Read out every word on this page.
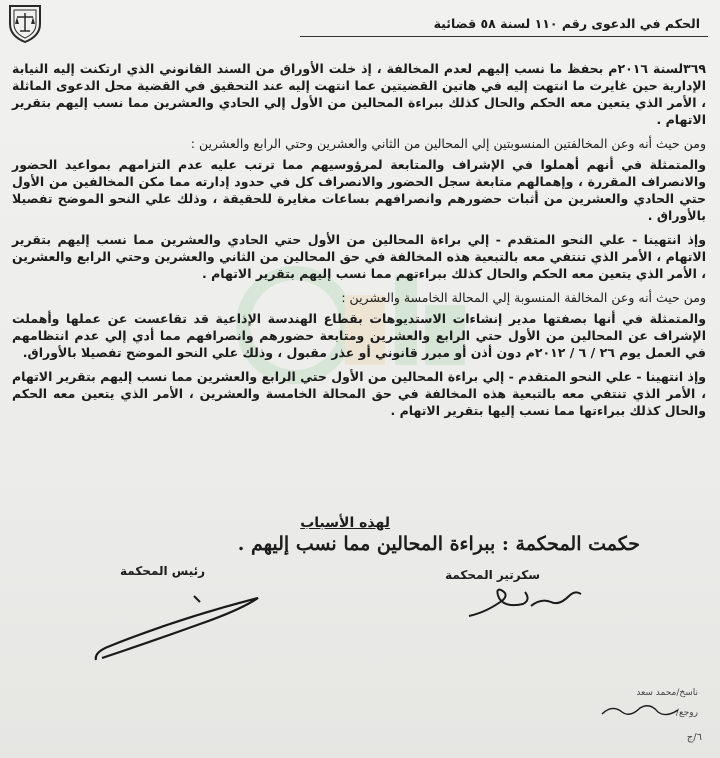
الحكم في الدعوى رقم ١١٠ لسنة ٥٨ قضائية

٣٦٩لسنة ٢٠١٦م بحفظ ما نسب إليهم لعدم المخالفة ، إذ خلت الأوراق من السند القانوني الذي ارتكنت إليه النيابة الإدارية حين غايرت ما انتهت إليه في هاتين القضيتين عما انتهت إليه عند التحقيق في القضية محل الدعوى الماثلة ، الأمر الذي يتعين معه الحكم والحال كذلك ببراءة المحالين من الأول إلي الحادي والعشرين مما نسب إليهم بتقرير الاتهام .

ومن حيث أنه وعن المخالفتين المنسوبتين إلي المحالين من الثاني والعشرين وحتي الرابع والعشرين :

والمتمثلة في أنهم أهملوا في الإشراف والمتابعة لمرؤوسيهم مما ترتب عليه عدم التزامهم بمواعيد الحضور والانصراف المقررة ، وإهمالهم متابعة سجل الحضور والانصراف كل في حدود إدارته مما مكن المخالفين من الأول حتي الحادي والعشرين من أثبات حضورهم وانصرافهم بساعات مغايرة للحقيقة ، وذلك علي النحو الموضح تفصيلا بالأوراق .

وإذ انتهينا - علي النحو المتقدم - إلي براءة المحالين من الأول حتي الحادي والعشرين مما نسب إليهم بتقرير الاتهام ، الأمر الذي تنتفي معه بالتبعية هذه المخالفة في حق المحالين من الثاني والعشرين وحتي الرابع والعشرين ، الأمر الذي يتعين معه الحكم والحال كذلك ببراءتهم مما نسب إليهم بتقرير الاتهام .

ومن حيث أنه وعن المخالفة المنسوبة إلي المحالة الخامسة والعشرين :

والمتمثلة في أنها بصفتها مدير إنشاءات الاستديوهات بقطاع الهندسة الإذاعية قد تقاعست عن عملها وأهملت الإشراف عن المحالين من الأول حتي الرابع والعشرين ومتابعة حضورهم وانصرافهم مما أدي إلي عدم انتظامهم في العمل يوم ٢٦ / ٦ / ٢٠١٢م دون أذن أو مبرر قانوني أو عذر مقبول ، وذلك علي النحو الموضح تفصيلا بالأوراق.

وإذ انتهينا - علي النحو المتقدم - إلي براءة المحالين من الأول حتي الرابع والعشرين مما نسب إليهم بتقرير الاتهام ، الأمر الذي تنتفي معه بالتبعية هذه المخالفة في حق المحالة الخامسة والعشرين ، الأمر الذي يتعين معه الحكم والحال كذلك ببراءتها مما نسب إليها بتقرير الاتهام .

لهذه الأسباب
حكمت المحكمة : ببراءة المحالين مما نسب إليهم .
سكرتير المحكمة
رئيس المحكمة
ناسخ/محمد سعد
روجع/
٦/ج
